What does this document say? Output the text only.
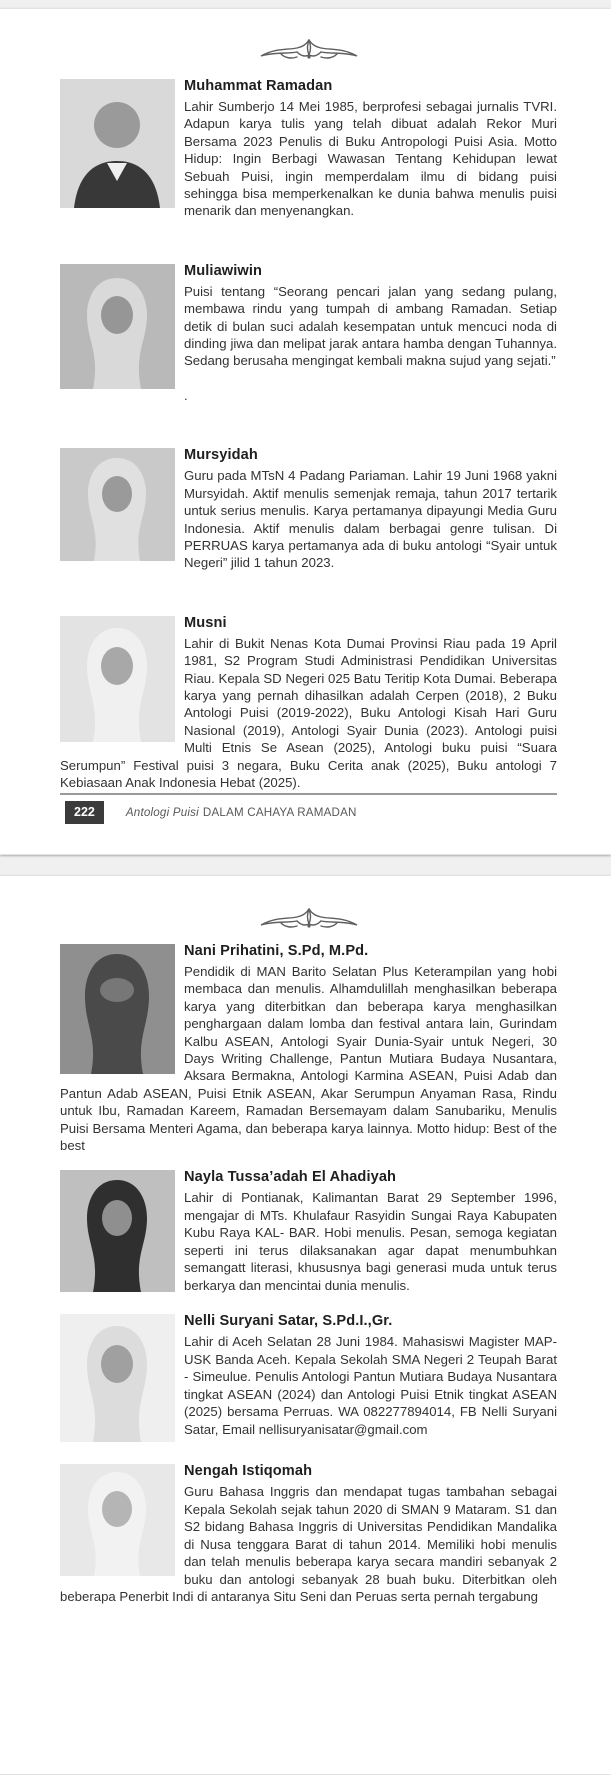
Muhammat Ramadan

Lahir Sumberjo 14 Mei 1985, berprofesi sebagai jurnalis TVRI. Adapun karya tulis yang telah dibuat adalah Rekor Muri Bersama 2023 Penulis di Buku Antropologi Puisi Asia. Motto Hidup: Ingin Berbagi Wawasan Tentang Kehidupan lewat Sebuah Puisi, ingin memperdalam ilmu di bidang puisi sehingga bisa memperkenalkan ke dunia bahwa menulis puisi menarik dan menyenangkan.

Muliawiwin

Puisi tentang “Seorang pencari jalan yang sedang pulang, membawa rindu yang tumpah di ambang Ramadan. Setiap detik di bulan suci adalah kesempatan untuk mencuci noda di dinding jiwa dan melipat jarak antara hamba dengan Tuhannya. Sedang berusaha mengingat kembali makna sujud yang sejati.”

.

Mursyidah

Guru pada MTsN 4 Padang Pariaman. Lahir 19 Juni 1968 yakni Mursyidah. Aktif menulis semenjak remaja, tahun 2017 tertarik untuk serius menulis. Karya pertamanya dipayungi Media Guru Indonesia. Aktif menulis dalam berbagai genre tulisan. Di PERRUAS karya pertamanya ada di buku antologi “Syair untuk Negeri” jilid 1 tahun 2023.

Musni

Lahir di Bukit Nenas Kota Dumai Provinsi Riau pada 19 April 1981, S2 Program Studi Administrasi Pendidikan Universitas Riau. Kepala SD Negeri 025 Batu Teritip Kota Dumai. Beberapa karya yang pernah dihasilkan adalah Cerpen (2018), 2 Buku Antologi Puisi (2019-2022), Buku Antologi Kisah Hari Guru Nasional (2019), Antologi Syair Dunia (2023). Antologi puisi Multi Etnis Se Asean (2025), Antologi buku puisi “Suara Serumpun” Festival puisi 3 negara, Buku Cerita anak (2025), Buku antologi 7 Kebiasaan Anak Indonesia Hebat (2025).

222	Antologi Puisi DALAM CAHAYA RAMADAN
Nani Prihatini, S.Pd, M.Pd.

Pendidik di MAN Barito Selatan Plus Keterampilan yang hobi membaca dan menulis. Alhamdulillah menghasilkan beberapa karya yang diterbitkan dan beberapa karya menghasilkan penghargaan dalam lomba dan festival antara lain, Gurindam Kalbu ASEAN, Antologi Syair Dunia-Syair untuk Negeri, 30 Days Writing Challenge, Pantun Mutiara Budaya Nusantara, Aksara Bermakna, Antologi Karmina ASEAN, Puisi Adab dan Pantun Adab ASEAN, Puisi Etnik ASEAN, Akar Serumpun Anyaman Rasa, Rindu untuk Ibu, Ramadan Kareem, Ramadan Bersemayam dalam Sanubariku, Menulis Puisi Bersama Menteri Agama, dan beberapa karya lainnya. Motto hidup: Best of the best

Nayla Tussa’adah El Ahadiyah

Lahir di Pontianak, Kalimantan Barat 29 September 1996, mengajar di MTs. Khulafaur Rasyidin Sungai Raya Kabupaten Kubu Raya KAL- BAR. Hobi menulis. Pesan, semoga kegiatan seperti ini terus dilaksanakan agar dapat menumbuhkan semangatt literasi, khususnya bagi generasi muda untuk terus berkarya dan mencintai dunia menulis.

Nelli Suryani Satar, S.Pd.I.,Gr.

Lahir di Aceh Selatan 28 Juni 1984. Mahasiswi Magister MAP-USK Banda Aceh. Kepala Sekolah SMA Negeri 2 Teupah Barat - Simeulue. Penulis Antologi Pantun Mutiara Budaya Nusantara tingkat ASEAN (2024) dan Antologi Puisi Etnik tingkat ASEAN (2025) bersama Perruas. WA 082277894014, FB Nelli Suryani Satar, Email nellisuryanisatar@gmail.com

Nengah Istiqomah

Guru Bahasa Inggris dan mendapat tugas tambahan sebagai Kepala Sekolah sejak tahun 2020 di SMAN 9 Mataram. S1 dan S2 bidang Bahasa Inggris di Universitas Pendidikan Mandalika di Nusa tenggara Barat di tahun 2014. Memiliki hobi menulis dan telah menulis beberapa karya secara mandiri sebanyak 2 buku dan antologi sebanyak 28 buah buku. Diterbitkan oleh beberapa Penerbit Indi di antaranya Situ Seni dan Peruas serta pernah tergabung
